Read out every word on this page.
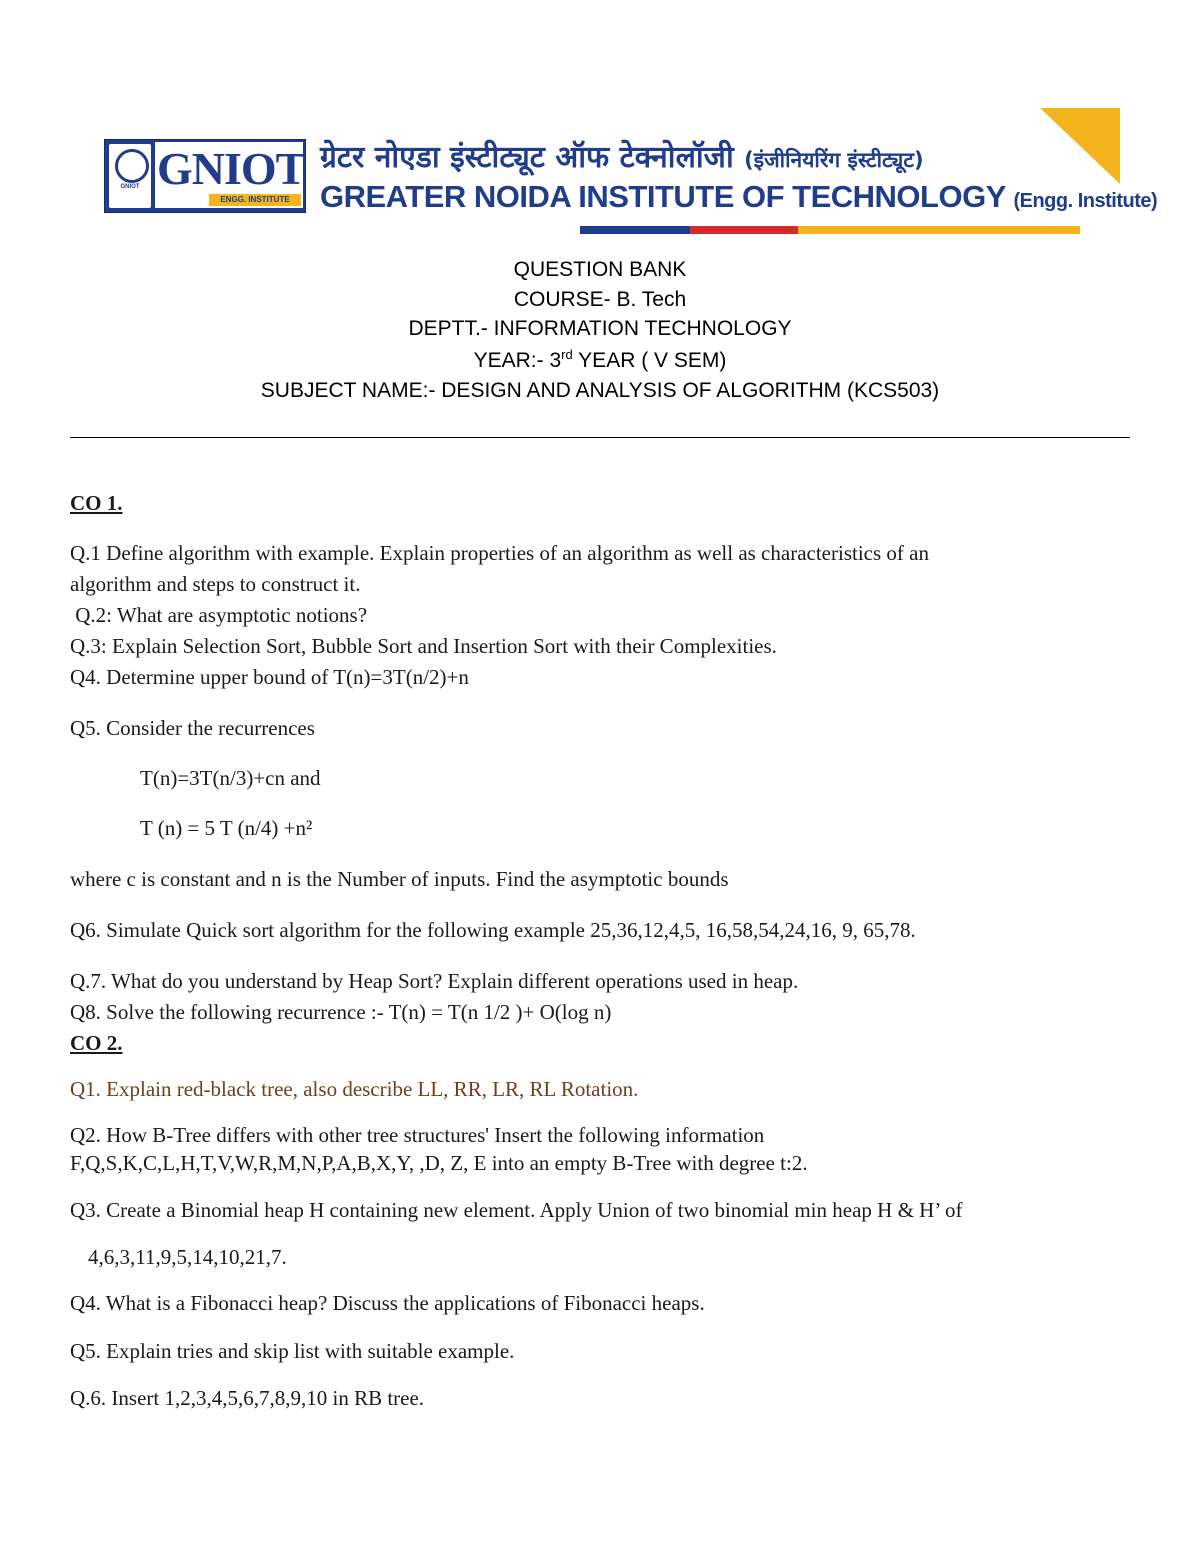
GNIOT GNIOT
ENGG. INSTITUTE
ग्रेटर नोएडा इंस्टीट्यूट ऑफ टेक्नोलॉजी (इंजीनियरिंग इंस्टीट्यूट)
GREATER NOIDA INSTITUTE OF TECHNOLOGY (Engg. Institute)
QUESTION BANK
COURSE- B. Tech
DEPTT.- INFORMATION TECHNOLOGY
YEAR:- 3rd YEAR ( V SEM)
SUBJECT NAME:- DESIGN AND ANALYSIS OF ALGORITHM (KCS503)
CO 1.
Q.1 Define algorithm with example. Explain properties of an algorithm as well as characteristics of an
algorithm and steps to construct it.
Q.2: What are asymptotic notions?
Q.3: Explain Selection Sort, Bubble Sort and Insertion Sort with their Complexities.
Q4. Determine upper bound of T(n)=3T(n/2)+n
Q5. Consider the recurrences
T(n)=3T(n/3)+cn and
T (n) = 5 T (n/4) +n²
where c is constant and n is the Number of inputs. Find the asymptotic bounds
Q6. Simulate Quick sort algorithm for the following example 25,36,12,4,5, 16,58,54,24,16, 9, 65,78.
Q.7. What do you understand by Heap Sort? Explain different operations used in heap.
Q8. Solve the following recurrence :- T(n) = T(n 1/2 )+ O(log n)
CO 2.
Q1. Explain red-black tree, also describe LL, RR, LR, RL Rotation.
Q2. How B-Tree differs with other tree structures' Insert the following information
F,Q,S,K,C,L,H,T,V,W,R,M,N,P,A,B,X,Y, ,D, Z, E into an empty B-Tree with degree t:2.
Q3. Create a Binomial heap H containing new element. Apply Union of two binomial min heap H & H’ of
4,6,3,11,9,5,14,10,21,7.
Q4. What is a Fibonacci heap? Discuss the applications of Fibonacci heaps.
Q5. Explain tries and skip list with suitable example.
Q.6. Insert 1,2,3,4,5,6,7,8,9,10 in RB tree.
